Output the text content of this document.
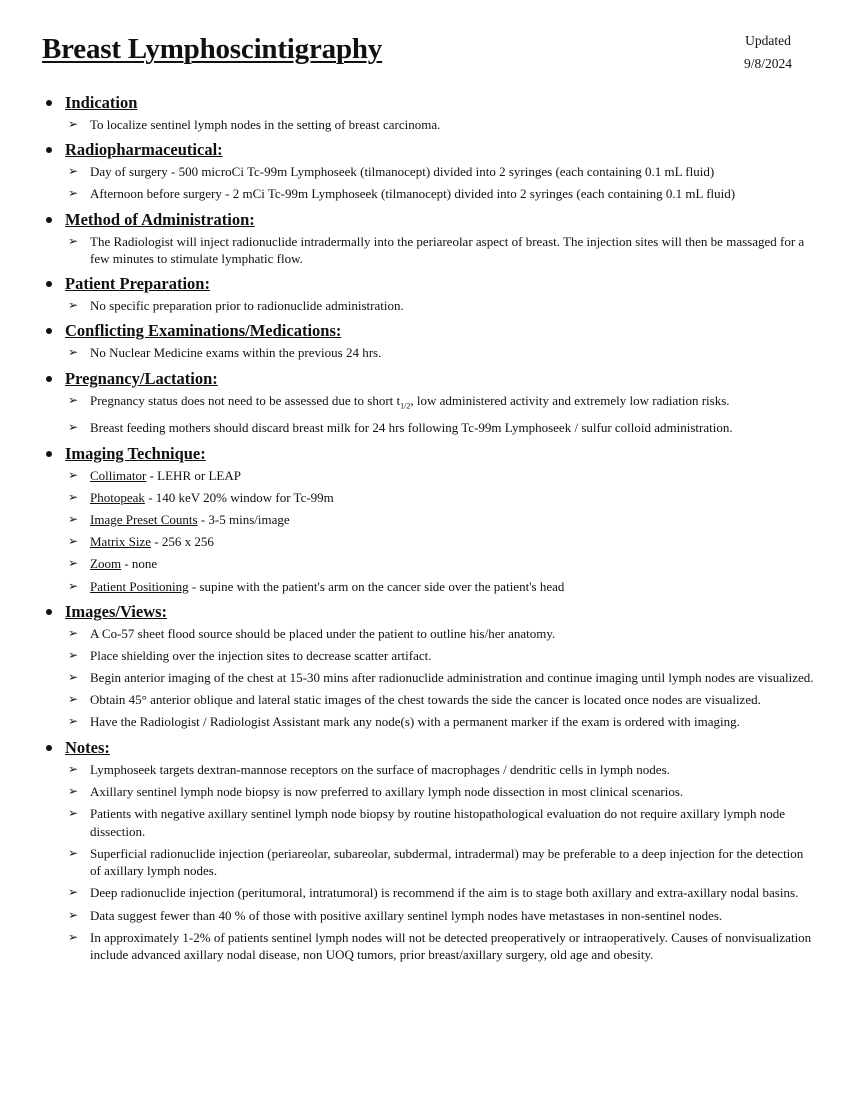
Breast Lymphoscintigraphy	Updated
9/8/2024
Indication
➢ To localize sentinel lymph nodes in the setting of breast carcinoma.
Radiopharmaceutical:
➢ Day of surgery - 500 microCi Tc-99m Lymphoseek (tilmanocept) divided into 2 syringes (each containing 0.1 mL fluid)
➢ Afternoon before surgery - 2 mCi Tc-99m Lymphoseek (tilmanocept) divided into 2 syringes (each containing 0.1 mL fluid)
Method of Administration:
➢ The Radiologist will inject radionuclide intradermally into the periareolar aspect of breast. The injection sites will then be massaged for a few minutes to stimulate lymphatic flow.
Patient Preparation:
➢ No specific preparation prior to radionuclide administration.
Conflicting Examinations/Medications:
➢ No Nuclear Medicine exams within the previous 24 hrs.
Pregnancy/Lactation:
➢ Pregnancy status does not need to be assessed due to short $t_{1/2}$, low administered activity and extremely low radiation risks.
➢ Breast feeding mothers should discard breast milk for 24 hrs following Tc-99m Lymphoseek / sulfur colloid administration.
Imaging Technique:
➢ Collimator - LEHR or LEAP
➢ Photopeak - 140 keV 20% window for Tc-99m
➢ Image Preset Counts - 3-5 mins/image
➢ Matrix Size - 256 x 256
➢ Zoom - none
➢ Patient Positioning - supine with the patient's arm on the cancer side over the patient's head
Images/Views:
➢ A Co-57 sheet flood source should be placed under the patient to outline his/her anatomy.
➢ Place shielding over the injection sites to decrease scatter artifact.
➢ Begin anterior imaging of the chest at 15-30 mins after radionuclide administration and continue imaging until lymph nodes are visualized.
➢ Obtain 45° anterior oblique and lateral static images of the chest towards the side the cancer is located once nodes are visualized.
➢ Have the Radiologist / Radiologist Assistant mark any node(s) with a permanent marker if the exam is ordered with imaging.
Notes:
➢ Lymphoseek targets dextran-mannose receptors on the surface of macrophages / dendritic cells in lymph nodes.
➢ Axillary sentinel lymph node biopsy is now preferred to axillary lymph node dissection in most clinical scenarios.
➢ Patients with negative axillary sentinel lymph node biopsy by routine histopathological evaluation do not require axillary lymph node dissection.
➢ Superficial radionuclide injection (periareolar, subareolar, subdermal, intradermal) may be preferable to a deep injection for the detection of axillary lymph nodes.
➢ Deep radionuclide injection (peritumoral, intratumoral) is recommend if the aim is to stage both axillary and extra-axillary nodal basins.
➢ Data suggest fewer than 40 % of those with positive axillary sentinel lymph nodes have metastases in non-sentinel nodes.
➢ In approximately 1-2% of patients sentinel lymph nodes will not be detected preoperatively or intraoperatively. Causes of nonvisualization include advanced axillary nodal disease, non UOQ tumors, prior breast/axillary surgery, old age and obesity.
